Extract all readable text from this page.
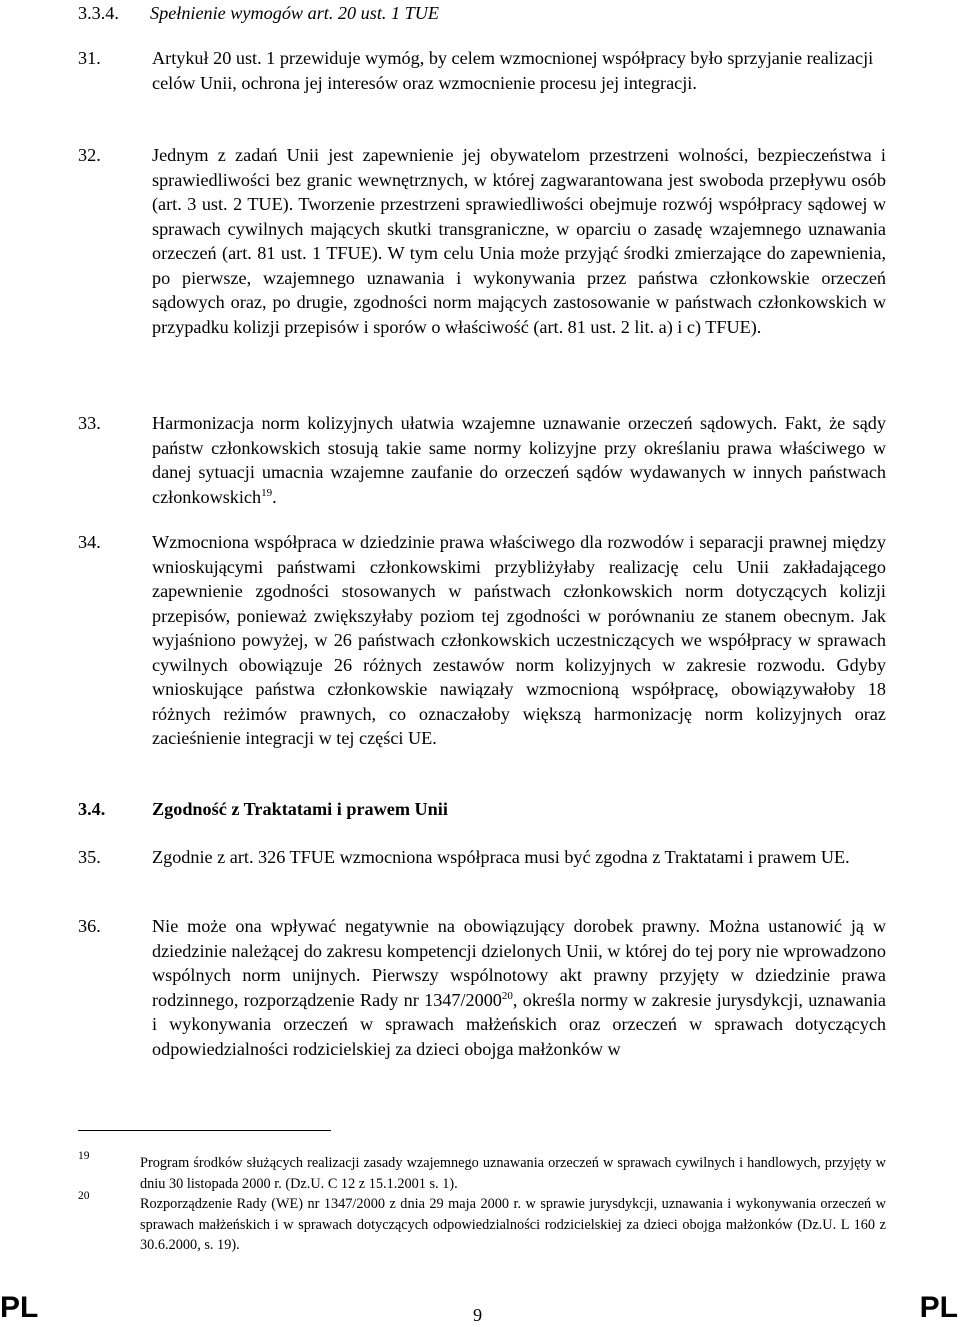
3.3.4. Spełnienie wymogów art. 20 ust. 1 TUE
31.	Artykuł 20 ust. 1 przewiduje wymóg, by celem wzmocnionej współpracy było sprzyjanie realizacji celów Unii, ochrona jej interesów oraz wzmocnienie procesu jej integracji.
32.	Jednym z zadań Unii jest zapewnienie jej obywatelom przestrzeni wolności, bezpieczeństwa i sprawiedliwości bez granic wewnętrznych, w której zagwarantowana jest swoboda przepływu osób (art. 3 ust. 2 TUE). Tworzenie przestrzeni sprawiedliwości obejmuje rozwój współpracy sądowej w sprawach cywilnych mających skutki transgraniczne, w oparciu o zasadę wzajemnego uznawania orzeczeń (art. 81 ust. 1 TFUE). W tym celu Unia może przyjąć środki zmierzające do zapewnienia, po pierwsze, wzajemnego uznawania i wykonywania przez państwa członkowskie orzeczeń sądowych oraz, po drugie, zgodności norm mających zastosowanie w państwach członkowskich w przypadku kolizji przepisów i sporów o właściwość (art. 81 ust. 2 lit. a) i c) TFUE).
33.	Harmonizacja norm kolizyjnych ułatwia wzajemne uznawanie orzeczeń sądowych. Fakt, że sądy państw członkowskich stosują takie same normy kolizyjne przy określaniu prawa właściwego w danej sytuacji umacnia wzajemne zaufanie do orzeczeń sądów wydawanych w innych państwach członkowskich$^{19}$.
34.	Wzmocniona współpraca w dziedzinie prawa właściwego dla rozwodów i separacji prawnej między wnioskującymi państwami członkowskimi przybliżyłaby realizację celu Unii zakładającego zapewnienie zgodności stosowanych w państwach członkowskich norm dotyczących kolizji przepisów, ponieważ zwiększyłaby poziom tej zgodności w porównaniu ze stanem obecnym. Jak wyjaśniono powyżej, w 26 państwach członkowskich uczestniczących we współpracy w sprawach cywilnych obowiązuje 26 różnych zestawów norm kolizyjnych w zakresie rozwodu. Gdyby wnioskujące państwa członkowskie nawiązały wzmocnioną współpracę, obowiązywałoby 18 różnych reżimów prawnych, co oznaczałoby większą harmonizację norm kolizyjnych oraz zacieśnienie integracji w tej części UE.
3.4.	Zgodność z Traktatami i prawem Unii
35.	Zgodnie z art. 326 TFUE wzmocniona współpraca musi być zgodna z Traktatami i prawem UE.
36.	Nie może ona wpływać negatywnie na obowiązujący dorobek prawny. Można ustanowić ją w dziedzinie należącej do zakresu kompetencji dzielonych Unii, w której do tej pory nie wprowadzono wspólnych norm unijnych. Pierwszy wspólnotowy akt prawny przyjęty w dziedzinie prawa rodzinnego, rozporządzenie Rady nr 1347/2000$^{20}$, określa normy w zakresie jurysdykcji, uznawania i wykonywania orzeczeń w sprawach małżeńskich oraz orzeczeń w sprawach dotyczących odpowiedzialności rodzicielskiej za dzieci obojga małżonków w
19	Program środków służących realizacji zasady wzajemnego uznawania orzeczeń w sprawach cywilnych i handlowych, przyjęty w dniu 30 listopada 2000 r. (Dz.U. C 12 z 15.1.2001 s. 1).
20	Rozporządzenie Rady (WE) nr 1347/2000 z dnia 29 maja 2000 r. w sprawie jurysdykcji, uznawania i wykonywania orzeczeń w sprawach małżeńskich i w sprawach dotyczących odpowiedzialności rodzicielskiej za dzieci obojga małżonków (Dz.U. L 160 z 30.6.2000, s. 19).
PL	9	PL
